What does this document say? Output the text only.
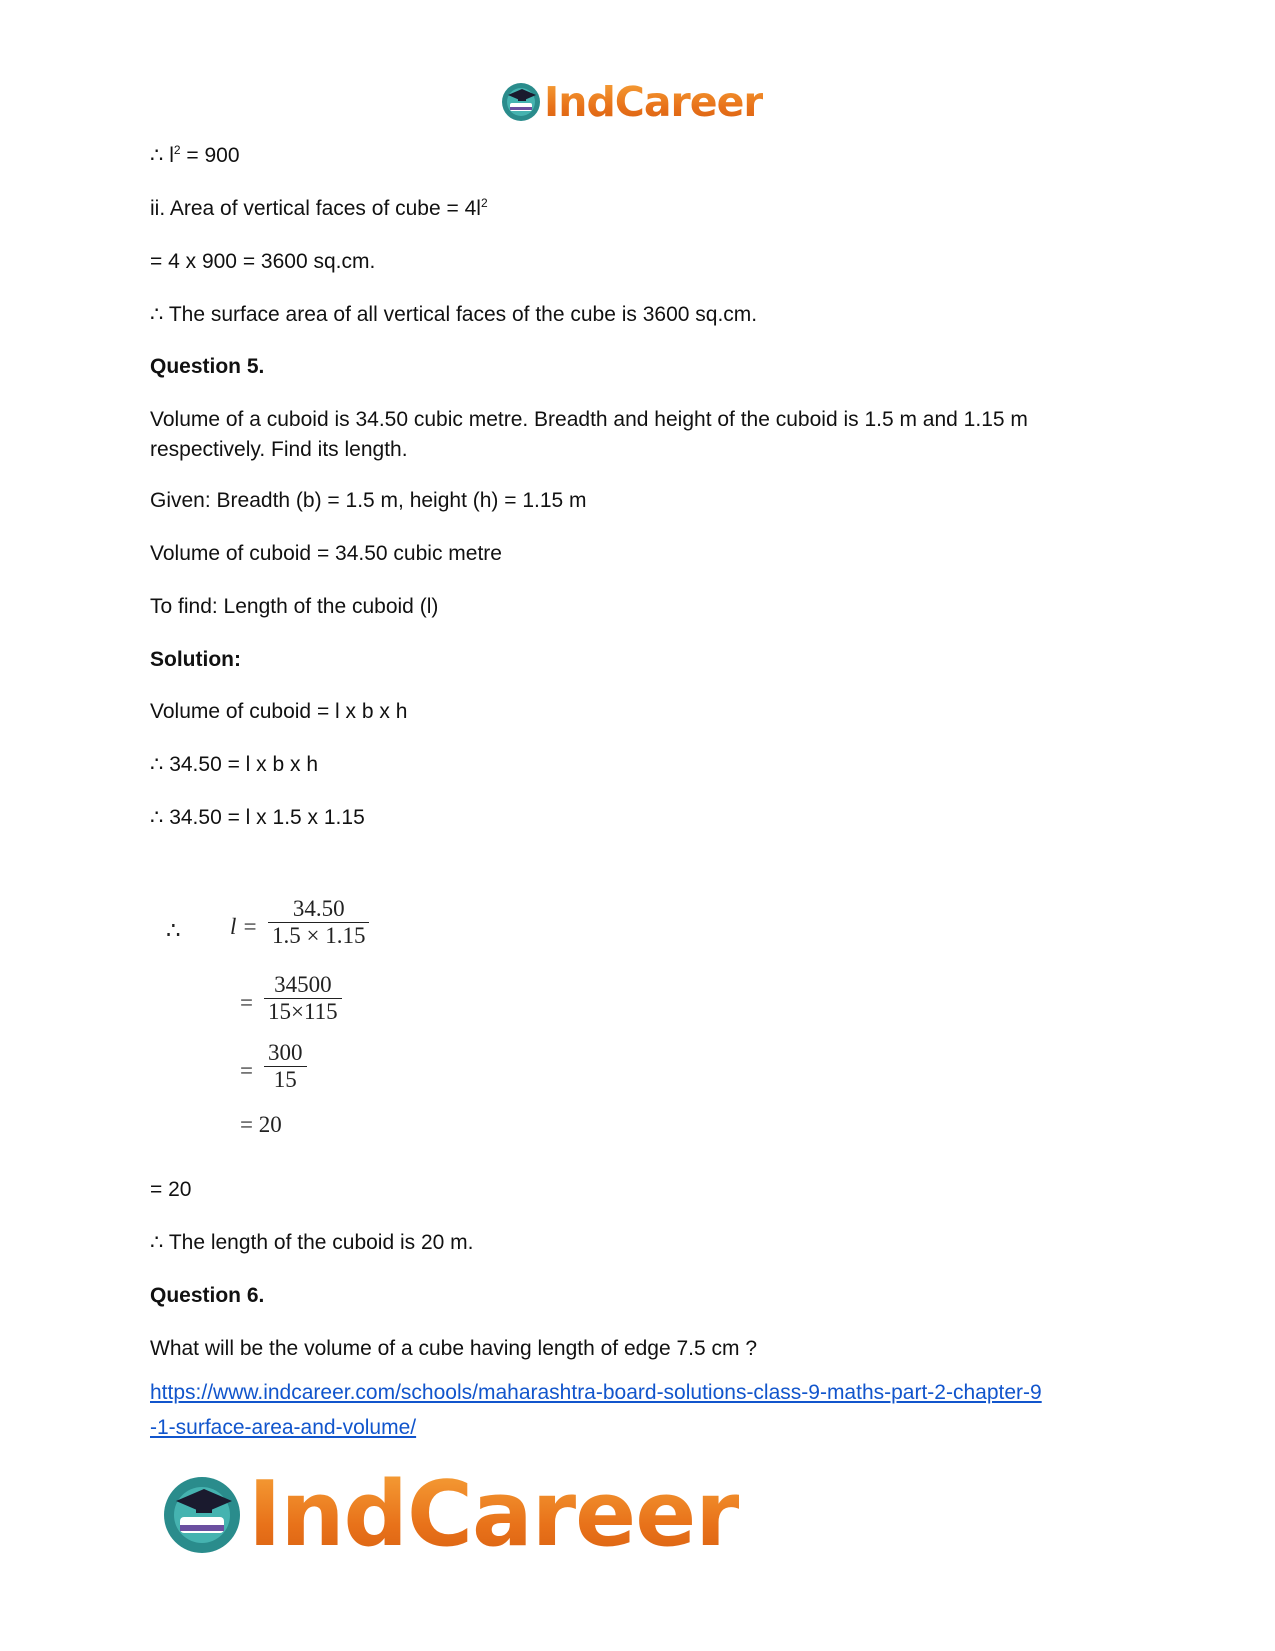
IndCareer
∴ $l^2 = 900$
ii. Area of vertical faces of cube = $4l^2$
= 4 x 900 = 3600 sq.cm.
∴ The surface area of all vertical faces of the cube is 3600 sq.cm.
Question 5.
Volume of a cuboid is 34.50 cubic metre. Breadth and height of the cuboid is 1.5 m and 1.15 m
respectively. Find its length.
Given: Breadth (b) = 1.5 m, height (h) = 1.15 m
Volume of cuboid = 34.50 cubic metre
To find: Length of the cuboid (l)
Solution:
Volume of cuboid = l x b x h
∴ 34.50 = l x b x h
∴ 34.50 = l x 1.5 x 1.15
∴ $l = \frac{34.50}{1.5 \times 1.15}$
= $\frac{34500}{15\times 115}$
= $\frac{300}{15}$
= 20
= 20
∴ The length of the cuboid is 20 m.
Question 6.
What will be the volume of a cube having length of edge 7.5 cm ?
https://www.indcareer.com/schools/maharashtra-board-solutions-class-9-maths-part-2-chapter-9
-1-surface-area-and-volume/
IndCareer
